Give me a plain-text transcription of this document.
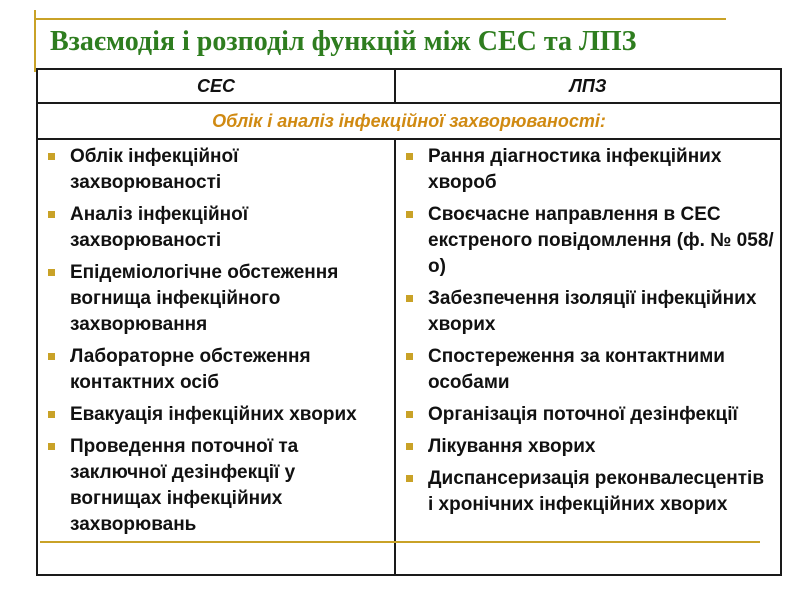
Взаємодія і розподіл функцій між СЕС та ЛПЗ
СЕС	ЛПЗ
Облік і аналіз інфекційної захворюваності:
Облік інфекційної захворюваності
Аналіз інфекційної захворюваності
Епідеміологічне обстеження вогнища інфекційного захворювання
Лабораторне обстеження контактних осіб
Евакуація інфекційних хворих
Проведення поточної та заключної дезінфекції у вогнищах інфекційних захворювань
Рання діагностика інфекційних хвороб
Своєчасне направлення в СЕС екстреного повідомлення (ф. № 058/о)
Забезпечення ізоляції інфекційних хворих
Спостереження за контактними особами
Організація поточної дезінфекції
Лікування хворих
Диспансеризація реконвалесцентів і хронічних інфекційних хворих
